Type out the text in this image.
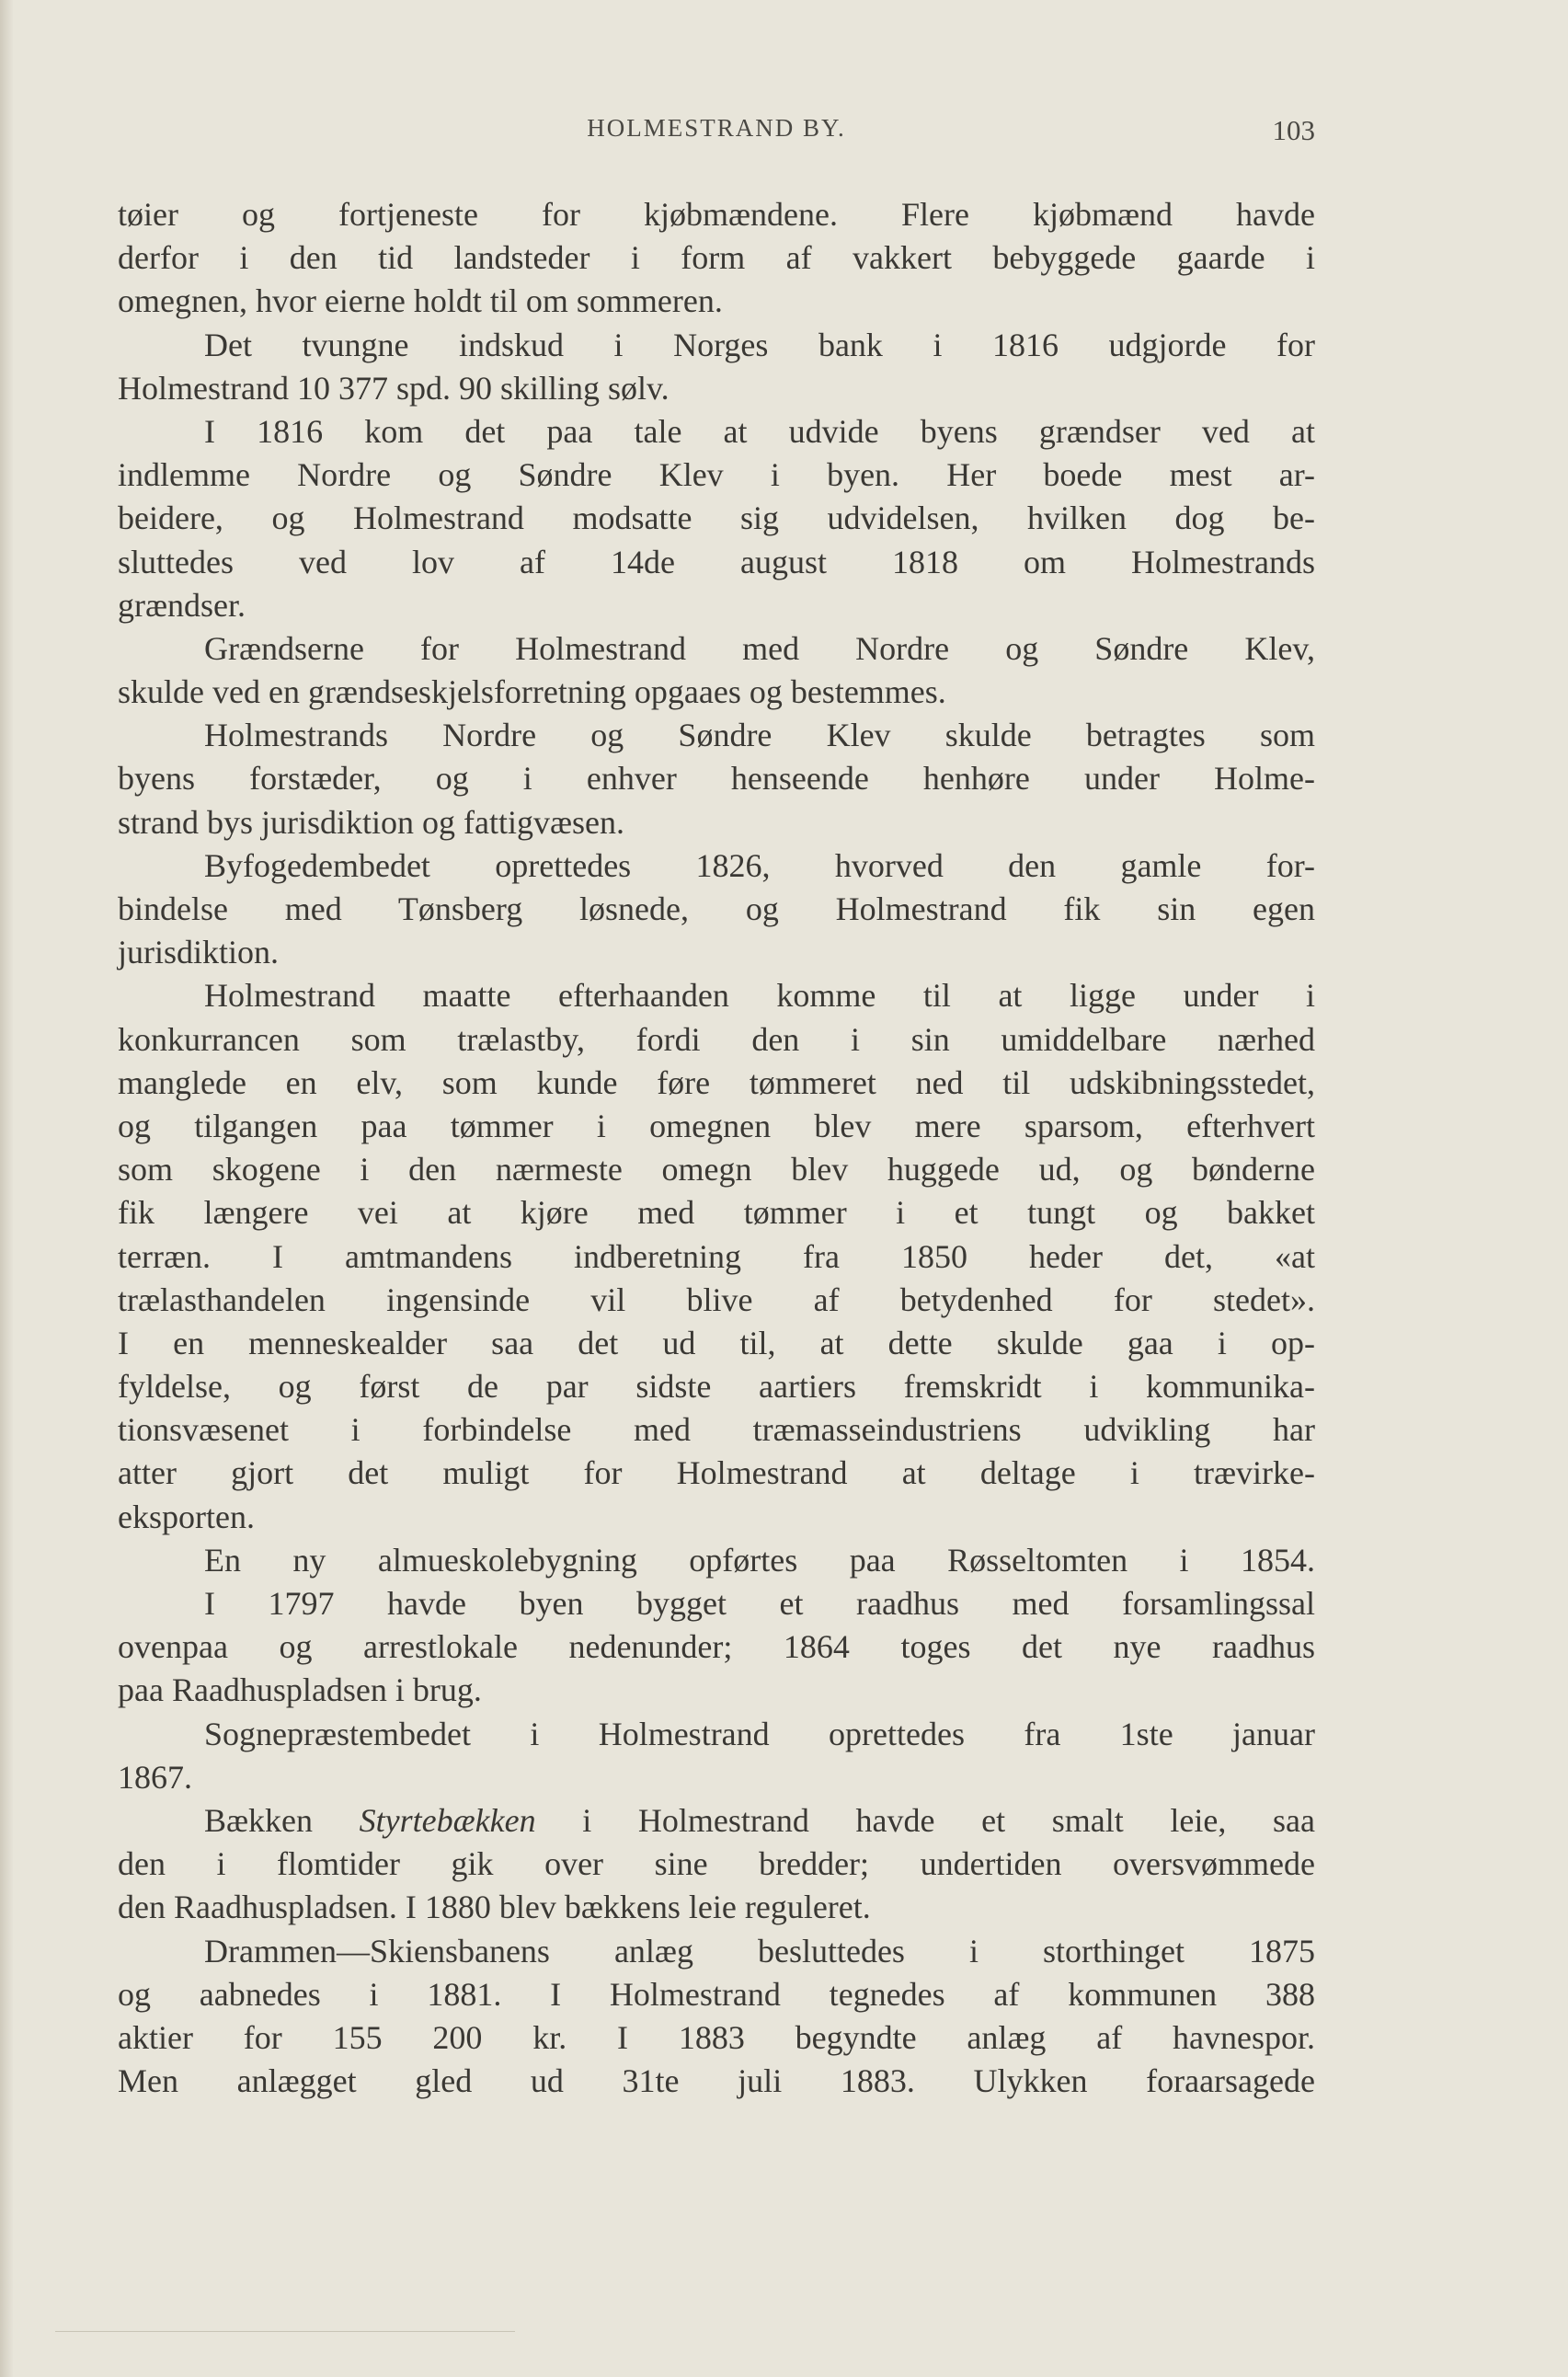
HOLMESTRAND BY.	103
tøier og fortjeneste for kjøbmændene. Flere kjøbmænd havde
derfor i den tid landsteder i form af vakkert bebyggede gaarde i
omegnen, hvor eierne holdt til om sommeren.
Det tvungne indskud i Norges bank i 1816 udgjorde for
Holmestrand 10 377 spd. 90 skilling sølv.
I 1816 kom det paa tale at udvide byens grændser ved at
indlemme Nordre og Søndre Klev i byen. Her boede mest ar-
beidere, og Holmestrand modsatte sig udvidelsen, hvilken dog be-
sluttedes ved lov af 14de august 1818 om Holmestrands
grændser.
Grændserne for Holmestrand med Nordre og Søndre Klev,
skulde ved en grændseskjelsforretning opgaaes og bestemmes.
Holmestrands Nordre og Søndre Klev skulde betragtes som
byens forstæder, og i enhver henseende henhøre under Holme-
strand bys jurisdiktion og fattigvæsen.
Byfogedembedet oprettedes 1826, hvorved den gamle for-
bindelse med Tønsberg løsnede, og Holmestrand fik sin egen
jurisdiktion.
Holmestrand maatte efterhaanden komme til at ligge under i
konkurrancen som trælastby, fordi den i sin umiddelbare nærhed
manglede en elv, som kunde føre tømmeret ned til udskibningsstedet,
og tilgangen paa tømmer i omegnen blev mere sparsom, efterhvert
som skogene i den nærmeste omegn blev huggede ud, og bønderne
fik længere vei at kjøre med tømmer i et tungt og bakket
terræn. I amtmandens indberetning fra 1850 heder det, «at
trælasthandelen ingensinde vil blive af betydenhed for stedet».
I en menneskealder saa det ud til, at dette skulde gaa i op-
fyldelse, og først de par sidste aartiers fremskridt i kommunika-
tionsvæsenet i forbindelse med træmasseindustriens udvikling har
atter gjort det muligt for Holmestrand at deltage i trævirke-
eksporten.
En ny almueskolebygning opførtes paa Røsseltomten i 1854.
I 1797 havde byen bygget et raadhus med forsamlingssal
ovenpaa og arrestlokale nedenunder; 1864 toges det nye raadhus
paa Raadhuspladsen i brug.
Sognepræstembedet i Holmestrand oprettedes fra 1ste januar
1867.
Bækken Styrtebækken i Holmestrand havde et smalt leie, saa
den i flomtider gik over sine bredder; undertiden oversvømmede
den Raadhuspladsen. I 1880 blev bækkens leie reguleret.
Drammen—Skiensbanens anlæg besluttedes i storthinget 1875
og aabnedes i 1881. I Holmestrand tegnedes af kommunen 388
aktier for 155 200 kr. I 1883 begyndte anlæg af havnespor.
Men anlægget gled ud 31te juli 1883. Ulykken foraarsagede
